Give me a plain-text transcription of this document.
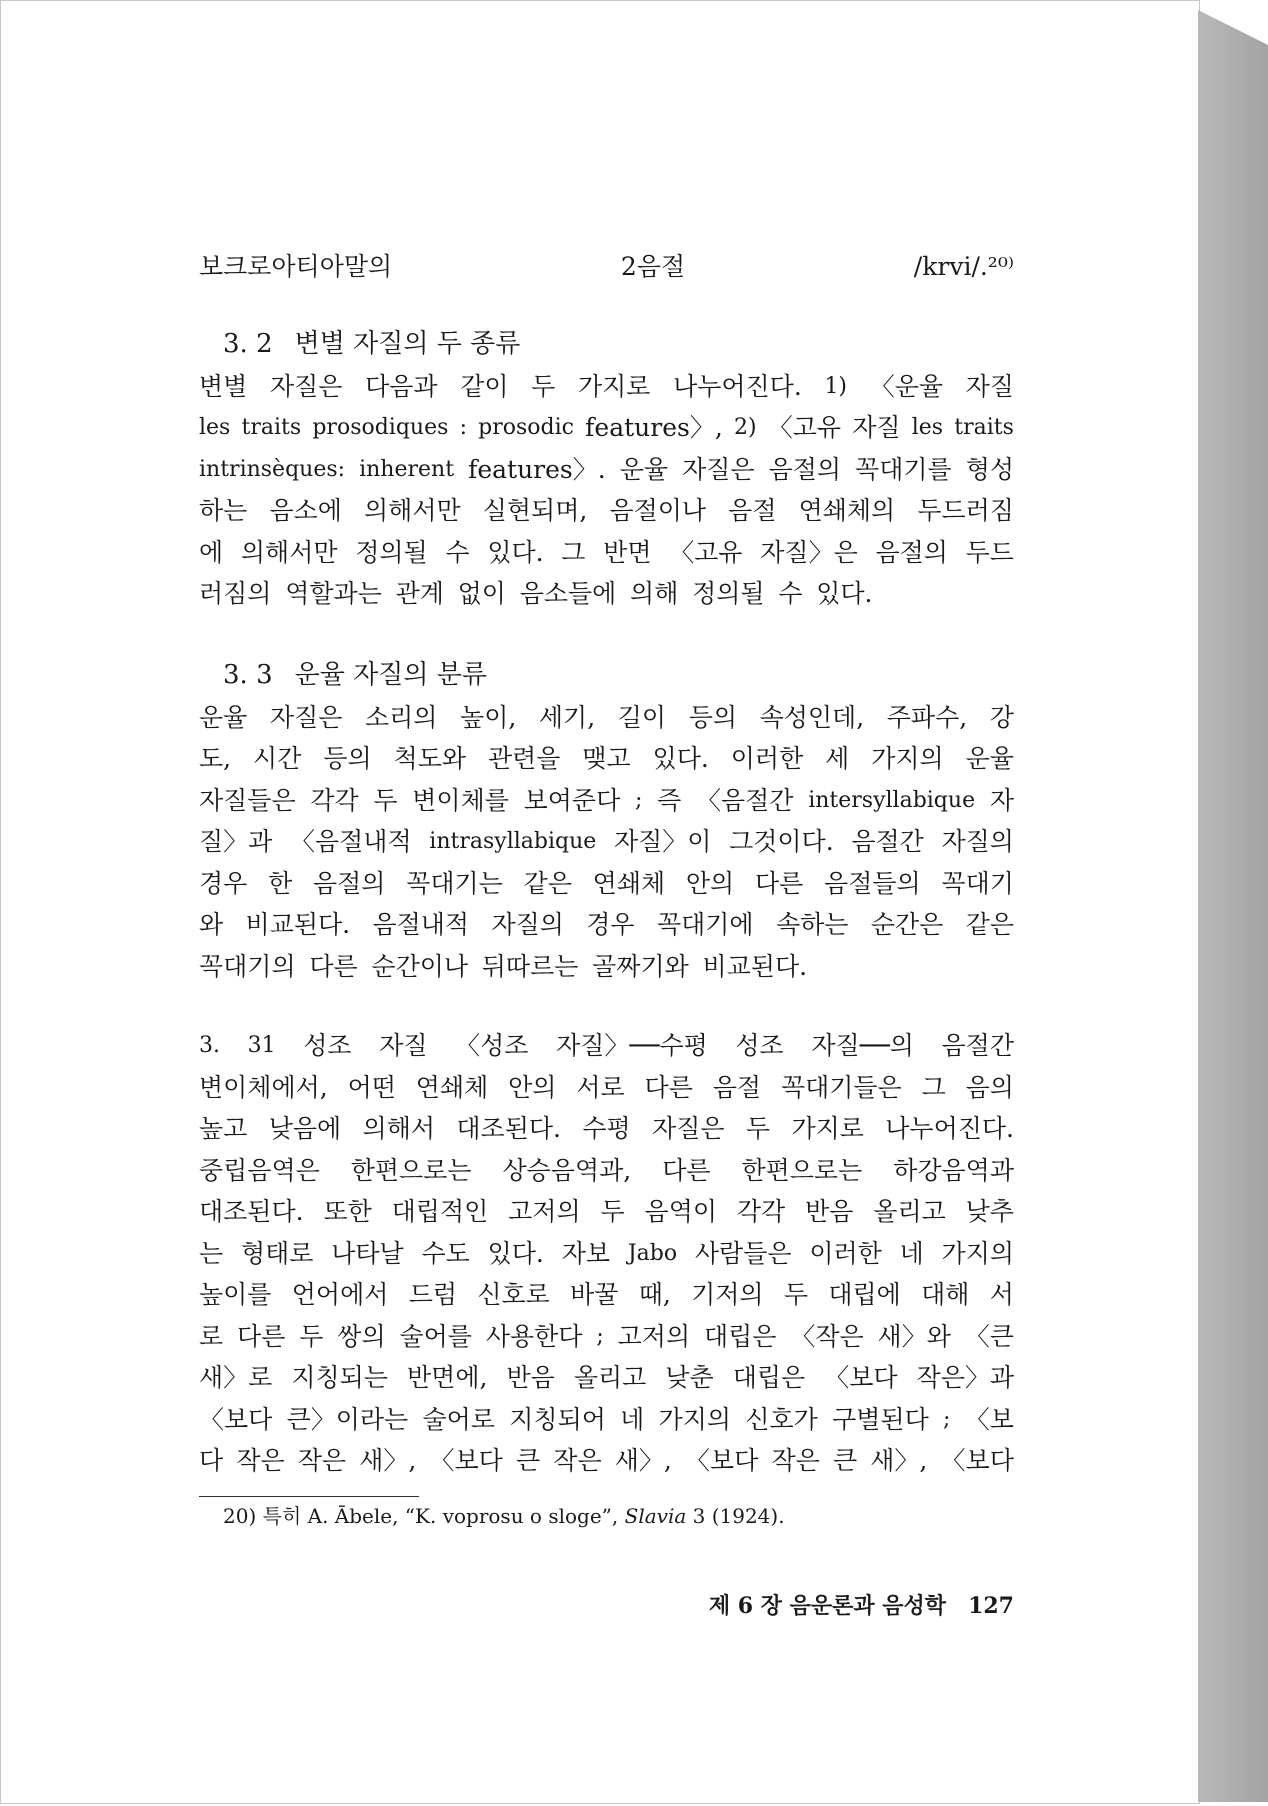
보크로아티아말의	2음절	/krvi/.²⁰⁾
3. 2 변별 자질의 두 종류
변별 자질은 다음과 같이 두 가지로 나누어진다. 1) 〈운율 자질
les traits prosodiques : prosodic features〉, 2) 〈고유 자질 les traits
intrinsèques: inherent features〉. 운율 자질은 음절의 꼭대기를 형성
하는 음소에 의해서만 실현되며, 음절이나 음절 연쇄체의 두드러짐
에 의해서만 정의될 수 있다. 그 반면 〈고유 자질〉은 음절의 두드
러짐의 역할과는 관계 없이 음소들에 의해 정의될 수 있다.
3. 3 운율 자질의 분류
운율 자질은 소리의 높이, 세기, 길이 등의 속성인데, 주파수, 강
도, 시간 등의 척도와 관련을 맺고 있다. 이러한 세 가지의 운율
자질들은 각각 두 변이체를 보여준다 ; 즉 〈음절간 intersyllabique 자
질〉과 〈음절내적 intrasyllabique 자질〉이 그것이다. 음절간 자질의
경우 한 음절의 꼭대기는 같은 연쇄체 안의 다른 음절들의 꼭대기
와 비교된다. 음절내적 자질의 경우 꼭대기에 속하는 순간은 같은
꼭대기의 다른 순간이나 뒤따르는 골짜기와 비교된다.
3. 31 성조 자질 〈성조 자질〉──수평 성조 자질──의 음절간
변이체에서, 어떤 연쇄체 안의 서로 다른 음절 꼭대기들은 그 음의
높고 낮음에 의해서 대조된다. 수평 자질은 두 가지로 나누어진다.
중립음역은 한편으로는 상승음역과, 다른 한편으로는 하강음역과
대조된다. 또한 대립적인 고저의 두 음역이 각각 반음 올리고 낮추
는 형태로 나타날 수도 있다. 자보 Jabo 사람들은 이러한 네 가지의
높이를 언어에서 드럼 신호로 바꿀 때, 기저의 두 대립에 대해 서
로 다른 두 쌍의 술어를 사용한다 ; 고저의 대립은 〈작은 새〉와 〈큰
새〉로 지칭되는 반면에, 반음 올리고 낮춘 대립은 〈보다 작은〉과
〈보다 큰〉이라는 술어로 지칭되어 네 가지의 신호가 구별된다 ; 〈보
다 작은 작은 새〉, 〈보다 큰 작은 새〉, 〈보다 작은 큰 새〉, 〈보다
20) 특히 A. Ābele, “K. voprosu o sloge”, Slavia 3 (1924).
제 6 장 음운론과 음성학 127
